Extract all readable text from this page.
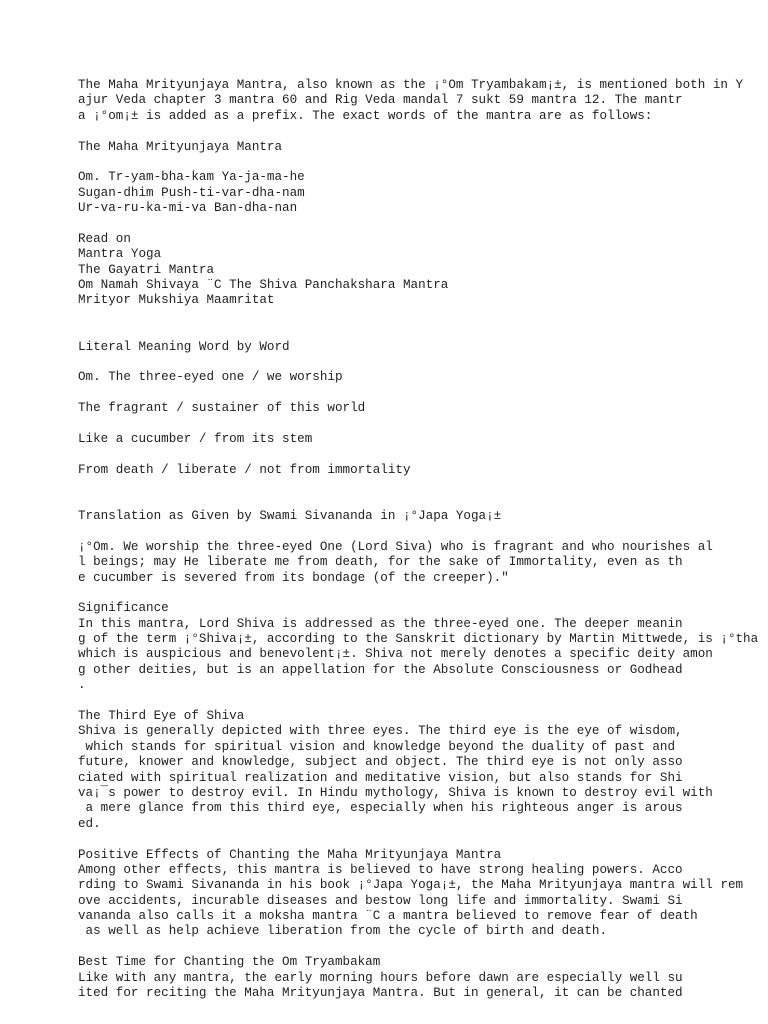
The Maha Mrityunjaya Mantra, also known as the ¡°Om Tryambakam¡±, is mentioned both in Y
ajur Veda chapter 3 mantra 60 and Rig Veda mandal 7 sukt 59 mantra 12. The mantr
a ¡°om¡± is added as a prefix. The exact words of the mantra are as follows:
The Maha Mrityunjaya Mantra
Om. Tr-yam-bha-kam Ya-ja-ma-he
Sugan-dhim Push-ti-var-dha-nam
Ur-va-ru-ka-mi-va Ban-dha-nan
Read on
Mantra Yoga
The Gayatri Mantra
Om Namah Shivaya ¨C The Shiva Panchakshara Mantra
Mrityor Mukshiya Maamritat
Literal Meaning Word by Word
Om. The three-eyed one / we worship
The fragrant / sustainer of this world
Like a cucumber / from its stem
From death / liberate / not from immortality
Translation as Given by Swami Sivananda in ¡°Japa Yoga¡±
¡°Om. We worship the three-eyed One (Lord Siva) who is fragrant and who nourishes al
l beings; may He liberate me from death, for the sake of Immortality, even as th
e cucumber is severed from its bondage (of the creeper)."
Significance
In this mantra, Lord Shiva is addressed as the three-eyed one. The deeper meanin
g of the term ¡°Shiva¡±, according to the Sanskrit dictionary by Martin Mittwede, is ¡°tha
which is auspicious and benevolent¡±. Shiva not merely denotes a specific deity amon
g other deities, but is an appellation for the Absolute Consciousness or Godhead
.
The Third Eye of Shiva
Shiva is generally depicted with three eyes. The third eye is the eye of wisdom,
which stands for spiritual vision and knowledge beyond the duality of past and
future, knower and knowledge, subject and object. The third eye is not only asso
ciated with spiritual realization and meditative vision, but also stands for Shi
va¡¯s power to destroy evil. In Hindu mythology, Shiva is known to destroy evil with
a mere glance from this third eye, especially when his righteous anger is arous
ed.
Positive Effects of Chanting the Maha Mrityunjaya Mantra
Among other effects, this mantra is believed to have strong healing powers. Acco
rding to Swami Sivananda in his book ¡°Japa Yoga¡±, the Maha Mrityunjaya mantra will rem
ove accidents, incurable diseases and bestow long life and immortality. Swami Si
vananda also calls it a moksha mantra ¨C a mantra believed to remove fear of death
as well as help achieve liberation from the cycle of birth and death.
Best Time for Chanting the Om Tryambakam
Like with any mantra, the early morning hours before dawn are especially well su
ited for reciting the Maha Mrityunjaya Mantra. But in general, it can be chanted
